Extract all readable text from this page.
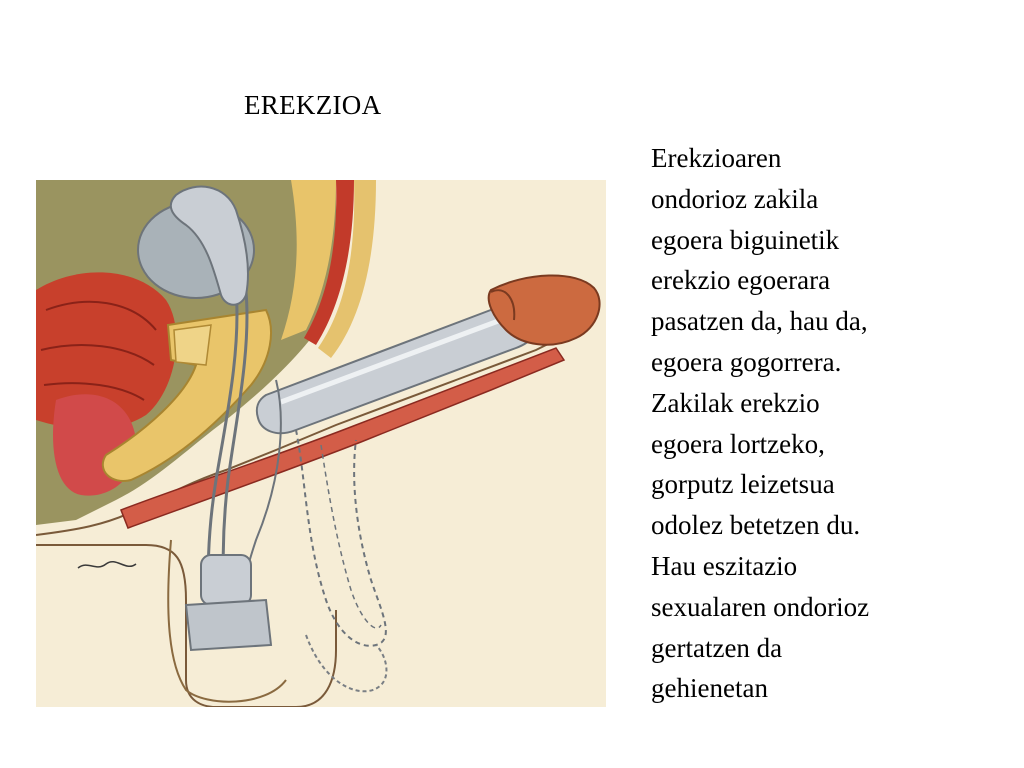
EREKZIOA
Erekzioaren
ondorioz zakila
egoera biguinetik
erekzio egoerara
pasatzen da, hau da,
egoera gogorrera.
Zakilak erekzio
egoera lortzeko,
gorputz leizetsua
odolez betetzen du.
Hau eszitazio
sexualaren ondorioz
gertatzen da
gehienetan
